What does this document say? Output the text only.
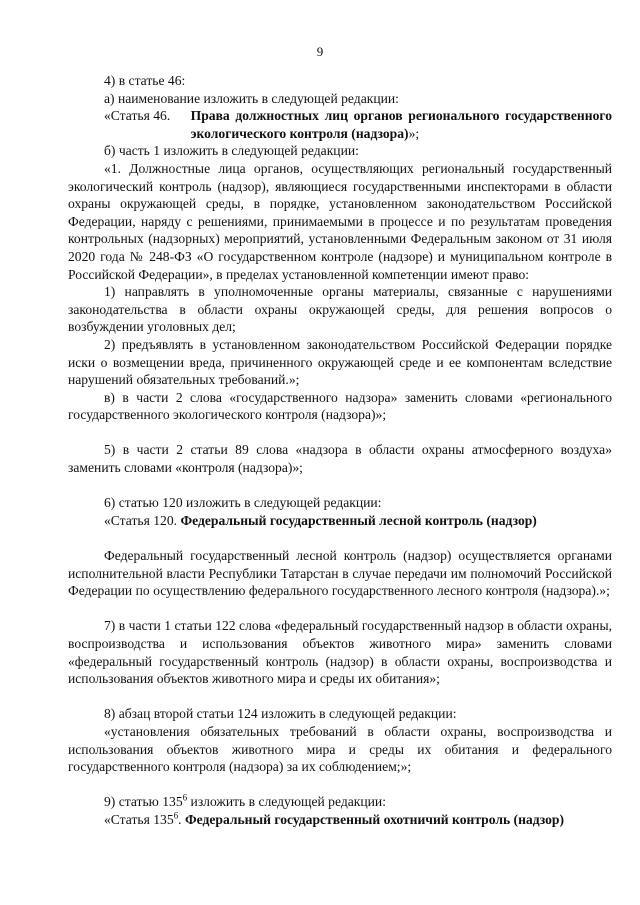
9

4) в статье 46:

а) наименование изложить в следующей редакции:

«Статья 46.	Права должностных лиц органов регионального государственного экологического контроля (надзора)»;

б) часть 1 изложить в следующей редакции:

«1. Должностные лица органов, осуществляющих региональный государственный экологический контроль (надзор), являющиеся государственными инспекторами в области охраны окружающей среды, в порядке, установленном законодательством Российской Федерации, наряду с решениями, принимаемыми в процессе и по результатам проведения контрольных (надзорных) мероприятий, установленными Федеральным законом от 31 июля 2020 года № 248-ФЗ «О государственном контроле (надзоре) и муниципальном контроле в Российской Федерации», в пределах установленной компетенции имеют право:

1) направлять в уполномоченные органы материалы, связанные с нарушениями законодательства в области охраны окружающей среды, для решения вопросов о возбуждении уголовных дел;

2) предъявлять в установленном законодательством Российской Федерации порядке иски о возмещении вреда, причиненного окружающей среде и ее компонентам вследствие нарушений обязательных требований.»;

в) в части 2 слова «государственного надзора» заменить словами «регионального государственного экологического контроля (надзора)»;

5) в части 2 статьи 89 слова «надзора в области охраны атмосферного воздуха» заменить словами «контроля (надзора)»;

6) статью 120 изложить в следующей редакции:

«Статья 120. Федеральный государственный лесной контроль (надзор)

Федеральный государственный лесной контроль (надзор) осуществляется органами исполнительной власти Республики Татарстан в случае передачи им полномочий Российской Федерации по осуществлению федерального государственного лесного контроля (надзора).»;

7) в части 1 статьи 122 слова «федеральный государственный надзор в области охраны, воспроизводства и использования объектов животного мира» заменить словами «федеральный государственный контроль (надзор) в области охраны, воспроизводства и использования объектов животного мира и среды их обитания»;

8) абзац второй статьи 124 изложить в следующей редакции:

«установления обязательных требований в области охраны, воспроизводства и использования объектов животного мира и среды их обитания и федерального государственного контроля (надзора) за их соблюдением;»;

9) статью $135^6$ изложить в следующей редакции:

«Статья $135^6$. Федеральный государственный охотничий контроль (надзор)
